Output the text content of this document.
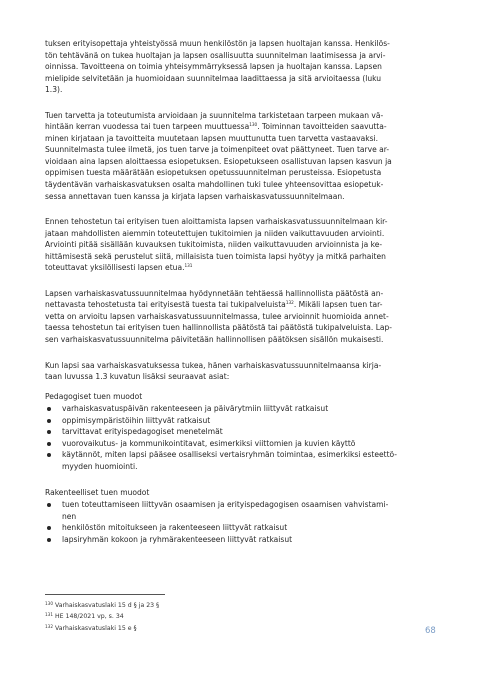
tuksen erityisopettaja yhteistyössä muun henkilöstön ja lapsen huoltajan kanssa. Henkilös-
tön tehtävänä on tukea huoltajan ja lapsen osallisuutta suunnitelman laatimisessa ja arvi-
oinnissa. Tavoitteena on toimia yhteisymmärryksessä lapsen ja huoltajan kanssa. Lapsen
mielipide selvitetään ja huomioidaan suunnitelmaa laadittaessa ja sitä arvioitaessa (luku
1.3).

Tuen tarvetta ja toteutumista arvioidaan ja suunnitelma tarkistetaan tarpeen mukaan vä-
hintään kerran vuodessa tai tuen tarpeen muuttuessa$^{130}$. Toiminnan tavoitteiden saavutta-
minen kirjataan ja tavoitteita muutetaan lapsen muuttunutta tuen tarvetta vastaavaksi.
Suunnitelmasta tulee ilmetä, jos tuen tarve ja toimenpiteet ovat päättyneet. Tuen tarve ar-
vioidaan aina lapsen aloittaessa esiopetuksen. Esiopetukseen osallistuvan lapsen kasvun ja
oppimisen tuesta määrätään esiopetuksen opetussuunnitelman perusteissa. Esiopetusta
täydentävän varhaiskasvatuksen osalta mahdollinen tuki tulee yhteensovittaa esiopetuk-
sessa annettavan tuen kanssa ja kirjata lapsen varhaiskasvatussuunnitelmaan.

Ennen tehostetun tai erityisen tuen aloittamista lapsen varhaiskasvatussuunnitelmaan kir-
jataan mahdollisten aiemmin toteutettujen tukitoimien ja niiden vaikuttavuuden arviointi.
Arviointi pitää sisällään kuvauksen tukitoimista, niiden vaikuttavuuden arvioinnista ja ke-
hittämisestä sekä perustelut siitä, millaisista tuen toimista lapsi hyötyy ja mitkä parhaiten
toteuttavat yksilöllisesti lapsen etua.$^{131}$

Lapsen varhaiskasvatussuunnitelmaa hyödynnetään tehtäessä hallinnollista päätöstä an-
nettavasta tehostetusta tai erityisestä tuesta tai tukipalveluista$^{132}$. Mikäli lapsen tuen tar-
vetta on arvioitu lapsen varhaiskasvatussuunnitelmassa, tulee arvioinnit huomioida annet-
taessa tehostetun tai erityisen tuen hallinnollista päätöstä tai päätöstä tukipalveluista. Lap-
sen varhaiskasvatussuunnitelma päivitetään hallinnollisen päätöksen sisällön mukaisesti.

Kun lapsi saa varhaiskasvatuksessa tukea, hänen varhaiskasvatussuunnitelmaansa kirja-
taan luvussa 1.3 kuvatun lisäksi seuraavat asiat:

Pedagogiset tuen muodot
varhaiskasvatuspäivän rakenteeseen ja päivärytmiin liittyvät ratkaisut
oppimisympäristöihin liittyvät ratkaisut
tarvittavat erityispedagogiset menetelmät
vuorovaikutus- ja kommunikointitavat, esimerkiksi viittomien ja kuvien käyttö
käytännöt, miten lapsi pääsee osalliseksi vertaisryhmän toimintaa, esimerkiksi esteettö-
myyden huomiointi.
Rakenteelliset tuen muodot
tuen toteuttamiseen liittyvän osaamisen ja erityispedagogisen osaamisen vahvistami-
nen
henkilöstön mitoitukseen ja rakenteeseen liittyvät ratkaisut
lapsiryhmän kokoon ja ryhmärakenteeseen liittyvät ratkaisut
$^{130}$ Varhaiskasvatuslaki 15 d § ja 23 §
$^{131}$ HE 148/2021 vp, s. 34
$^{132}$ Varhaiskasvatuslaki 15 e §	68
